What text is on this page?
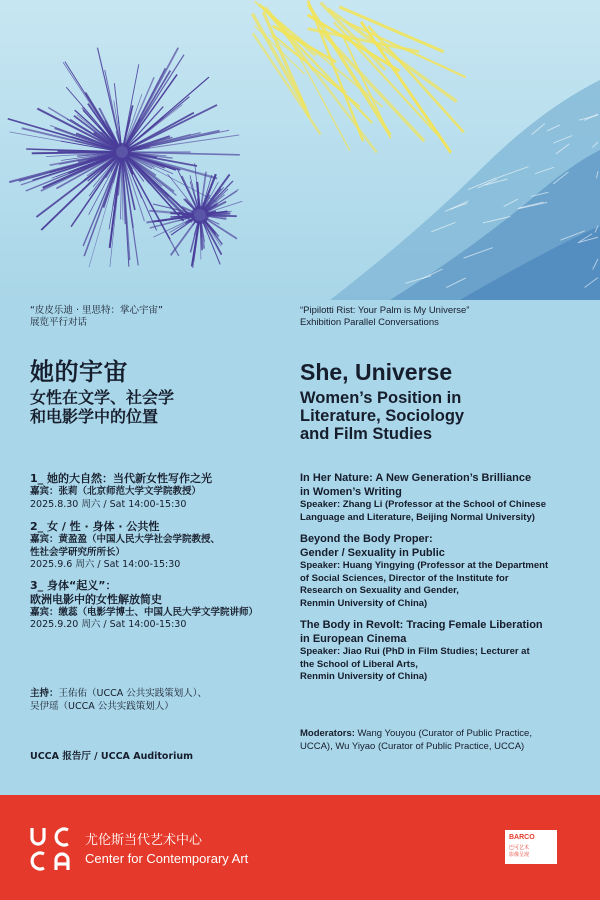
“皮皮乐迪 · 里思特：掌心宇宙”
展览平行对话
她的宇宙
女性在文学、社会学
和电影学中的位置
1_ 她的大自然：当代新女性写作之光
嘉宾：张莉（北京师范大学文学院教授）
2025.8.30 周六 / Sat 14:00-15:30
2_ 女 / 性 · 身体 · 公共性
嘉宾：黄盈盈（中国人民大学社会学院教授、
性社会学研究所所长）
2025.9.6 周六 / Sat 14:00-15:30
3_ 身体“起义”：
欧洲电影中的女性解放简史
嘉宾：缴蕊（电影学博士、中国人民大学文学院讲师）
2025.9.20 周六 / Sat 14:00-15:30
主持：王佑佑（UCCA 公共实践策划人）、
吴伊瑶（UCCA 公共实践策划人）
UCCA 报告厅 / UCCA Auditorium
“Pipilotti Rist: Your Palm is My Universe”
Exhibition Parallel Conversations
She, Universe
Women’s Position in
Literature, Sociology
and Film Studies
In Her Nature: A New Generation’s Brilliance
in Women’s Writing
Speaker: Zhang Li (Professor at the School of Chinese
Language and Literature, Beijing Normal University)
Beyond the Body Proper:
Gender / Sexuality in Public
Speaker: Huang Yingying (Professor at the Department
of Social Sciences, Director of the Institute for
Research on Sexuality and Gender,
Renmin University of China)
The Body in Revolt: Tracing Female Liberation
in European Cinema
Speaker: Jiao Rui (PhD in Film Studies; Lecturer at
the School of Liberal Arts,
Renmin University of China)
Moderators: Wang Youyou (Curator of Public Practice,
UCCA), Wu Yiyao (Curator of Public Practice, UCCA)
尤伦斯当代艺术中心
Center for Contemporary Art
BARCO
巴可艺术
影像呈现
